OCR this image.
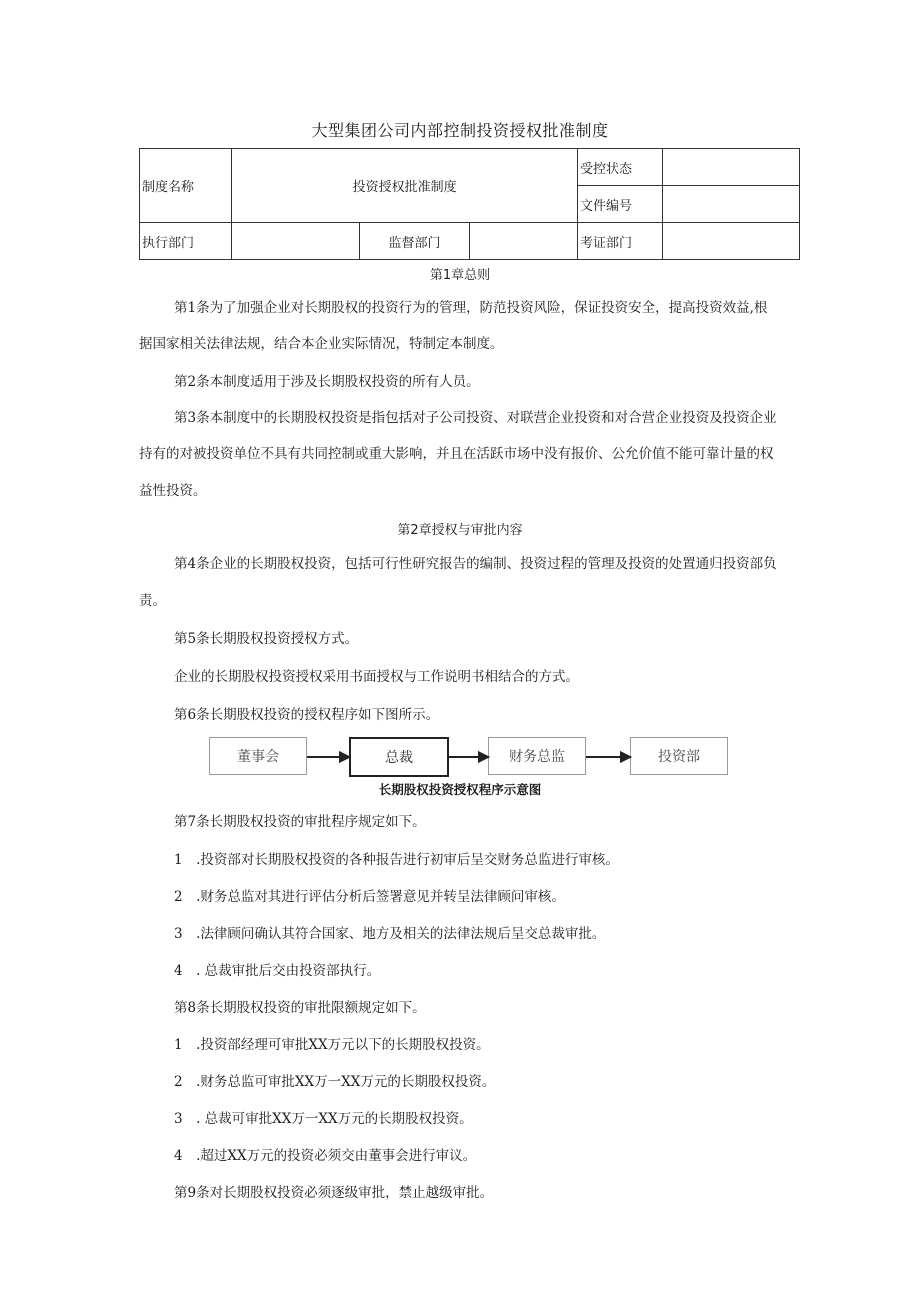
大型集团公司内部控制投资授权批准制度
制度名称	投资授权批准制度			受控状态	
				文件编号	
执行部门		监督部门		考证部门	
第1章总则

第1条为了加强企业对长期股权的投资行为的管理，防范投资风险，保证投资安全，提高投资效益,根

据国家相关法律法规，结合本企业实际情况，特制定本制度。

第2条本制度适用于涉及长期股权投资的所有人员。

第3条本制度中的长期股权投资是指包括对子公司投资、对联营企业投资和对合营企业投资及投资企业

持有的对被投资单位不具有共同控制或重大影响，并且在活跃市场中没有报价、公允价值不能可靠计量的权

益性投资。

第2章授权与审批内容

第4条企业的长期股权投资，包括可行性研究报告的编制、投资过程的管理及投资的处置通归投资部负

责。

第5条长期股权投资授权方式。

企业的长期股权投资授权采用书面授权与工作说明书相结合的方式。

第6条长期股权投资的授权程序如下图所示。

董事会	总裁	财务总监	投资部
长期股权投资授权程序示意图

第7条长期股权投资的审批程序规定如下。

1　.投资部对长期股权投资的各种报告进行初审后呈交财务总监进行审核。

2　.财务总监对其进行评估分析后签署意见并转呈法律顾问审核。

3　.法律顾问确认其符合国家、地方及相关的法律法规后呈交总裁审批。

4　. 总裁审批后交由投资部执行。

第8条长期股权投资的审批限额规定如下。

1　.投资部经理可审批XX万元以下的长期股权投资。

2　.财务总监可审批XX万一XX万元的长期股权投资。

3　. 总裁可审批XX万一XX万元的长期股权投资。

4　.超过XX万元的投资必须交由董事会进行审议。

第9条对长期股权投资必须逐级审批，禁止越级审批。
